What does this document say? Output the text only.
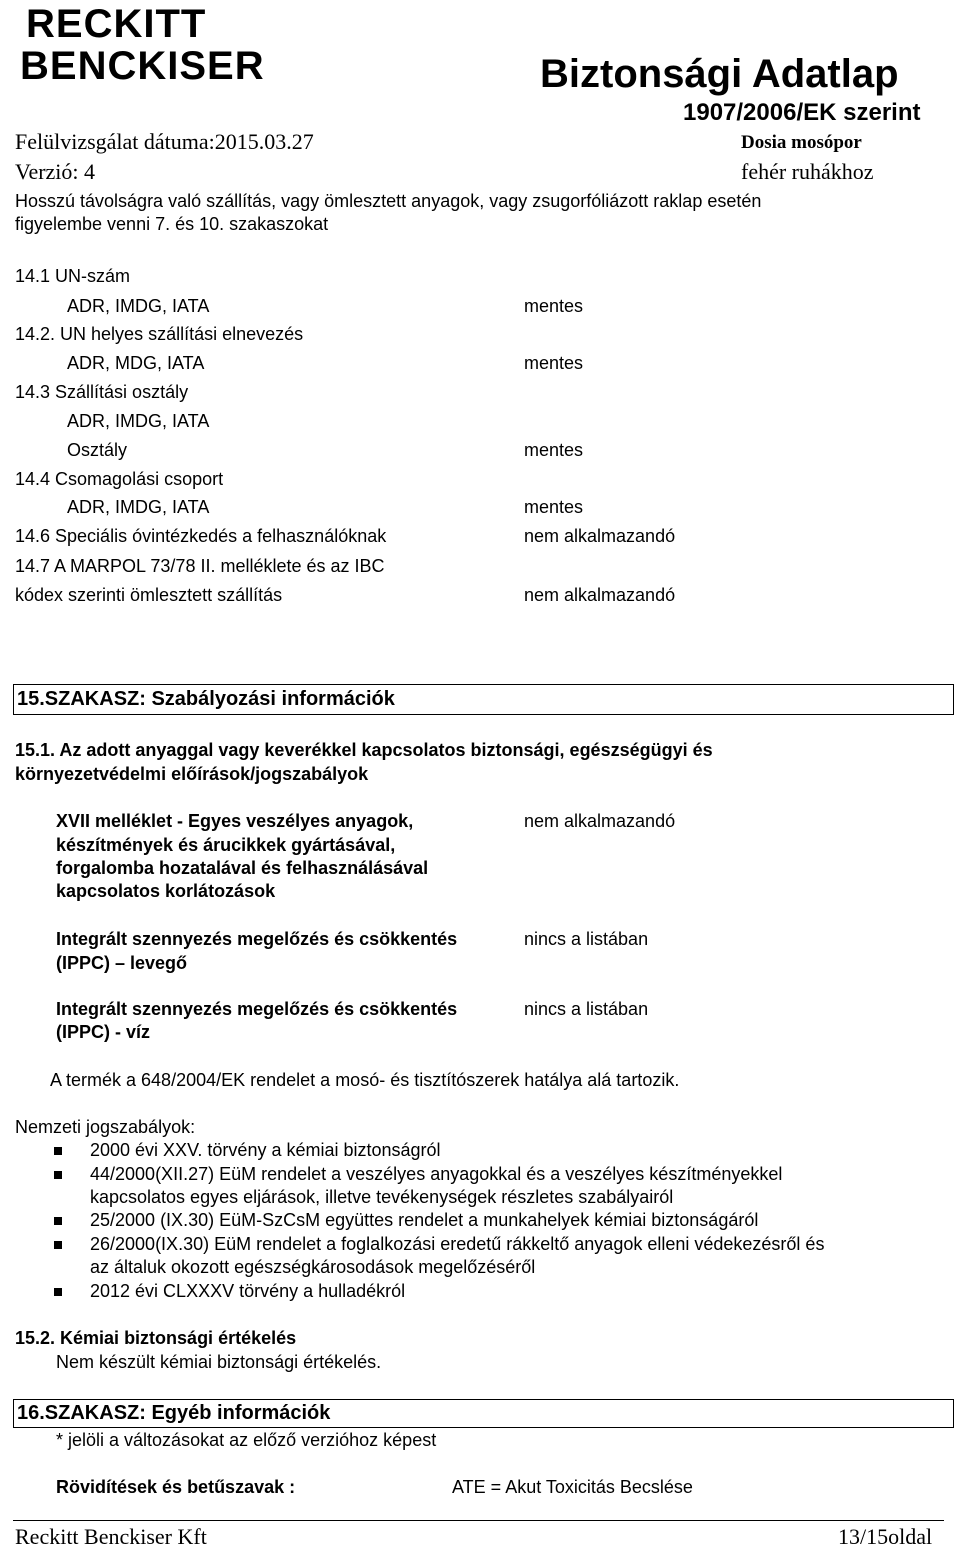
RECKITT
BENCKISER	Biztonsági Adatlap
1907/2006/EK szerint
Felülvizsgálat dátuma:2015.03.27
Verzió: 4
Dosia mosópor
fehér ruhákhoz
Hosszú távolságra való szállítás, vagy ömlesztett anyagok, vagy zsugorfóliázott raklap esetén
figyelembe venni 7. és 10. szakaszokat
14.1 UN-szám
ADR, IMDG, IATA	mentes
14.2. UN helyes szállítási elnevezés
ADR, MDG, IATA	mentes
14.3 Szállítási osztály
ADR, IMDG, IATA
Osztály	mentes
14.4 Csomagolási csoport
ADR, IMDG, IATA	mentes
14.6 Speciális óvintézkedés a felhasználóknak	nem alkalmazandó
14.7 A MARPOL 73/78 II. melléklete és az IBC
kódex szerinti ömlesztett szállítás	nem alkalmazandó
15.SZAKASZ: Szabályozási információk
15.1. Az adott anyaggal vagy keverékkel kapcsolatos biztonsági, egészségügyi és
környezetvédelmi előírások/jogszabályok
XVII melléklet - Egyes veszélyes anyagok,
készítmények és árucikkek gyártásával,
forgalomba hozatalával és felhasználásával
kapcsolatos korlátozások
nem alkalmazandó
Integrált szennyezés megelőzés és csökkentés
(IPPC) – levegő
nincs a listában
Integrált szennyezés megelőzés és csökkentés
(IPPC) - víz
nincs a listában
A termék a 648/2004/EK rendelet a mosó- és tisztítószerek hatálya alá tartozik.
Nemzeti jogszabályok:
2000 évi XXV. törvény a kémiai biztonságról
44/2000(XII.27) EüM rendelet a veszélyes anyagokkal és a veszélyes készítményekkel
kapcsolatos egyes eljárások, illetve tevékenységek részletes szabályairól
25/2000 (IX.30) EüM-SzCsM együttes rendelet a munkahelyek kémiai biztonságáról
26/2000(IX.30) EüM rendelet a foglalkozási eredetű rákkeltő anyagok elleni védekezésről és
az általuk okozott egészségkárosodások megelőzéséről
2012 évi CLXXXV törvény a hulladékról
15.2. Kémiai biztonsági értékelés
Nem készült kémiai biztonsági értékelés.
16.SZAKASZ: Egyéb információk
* jelöli a változásokat az előző verzióhoz képest
Rövidítések és betűszavak :	ATE = Akut Toxicitás Becslése
Reckitt Benckiser Kft	13/15oldal
